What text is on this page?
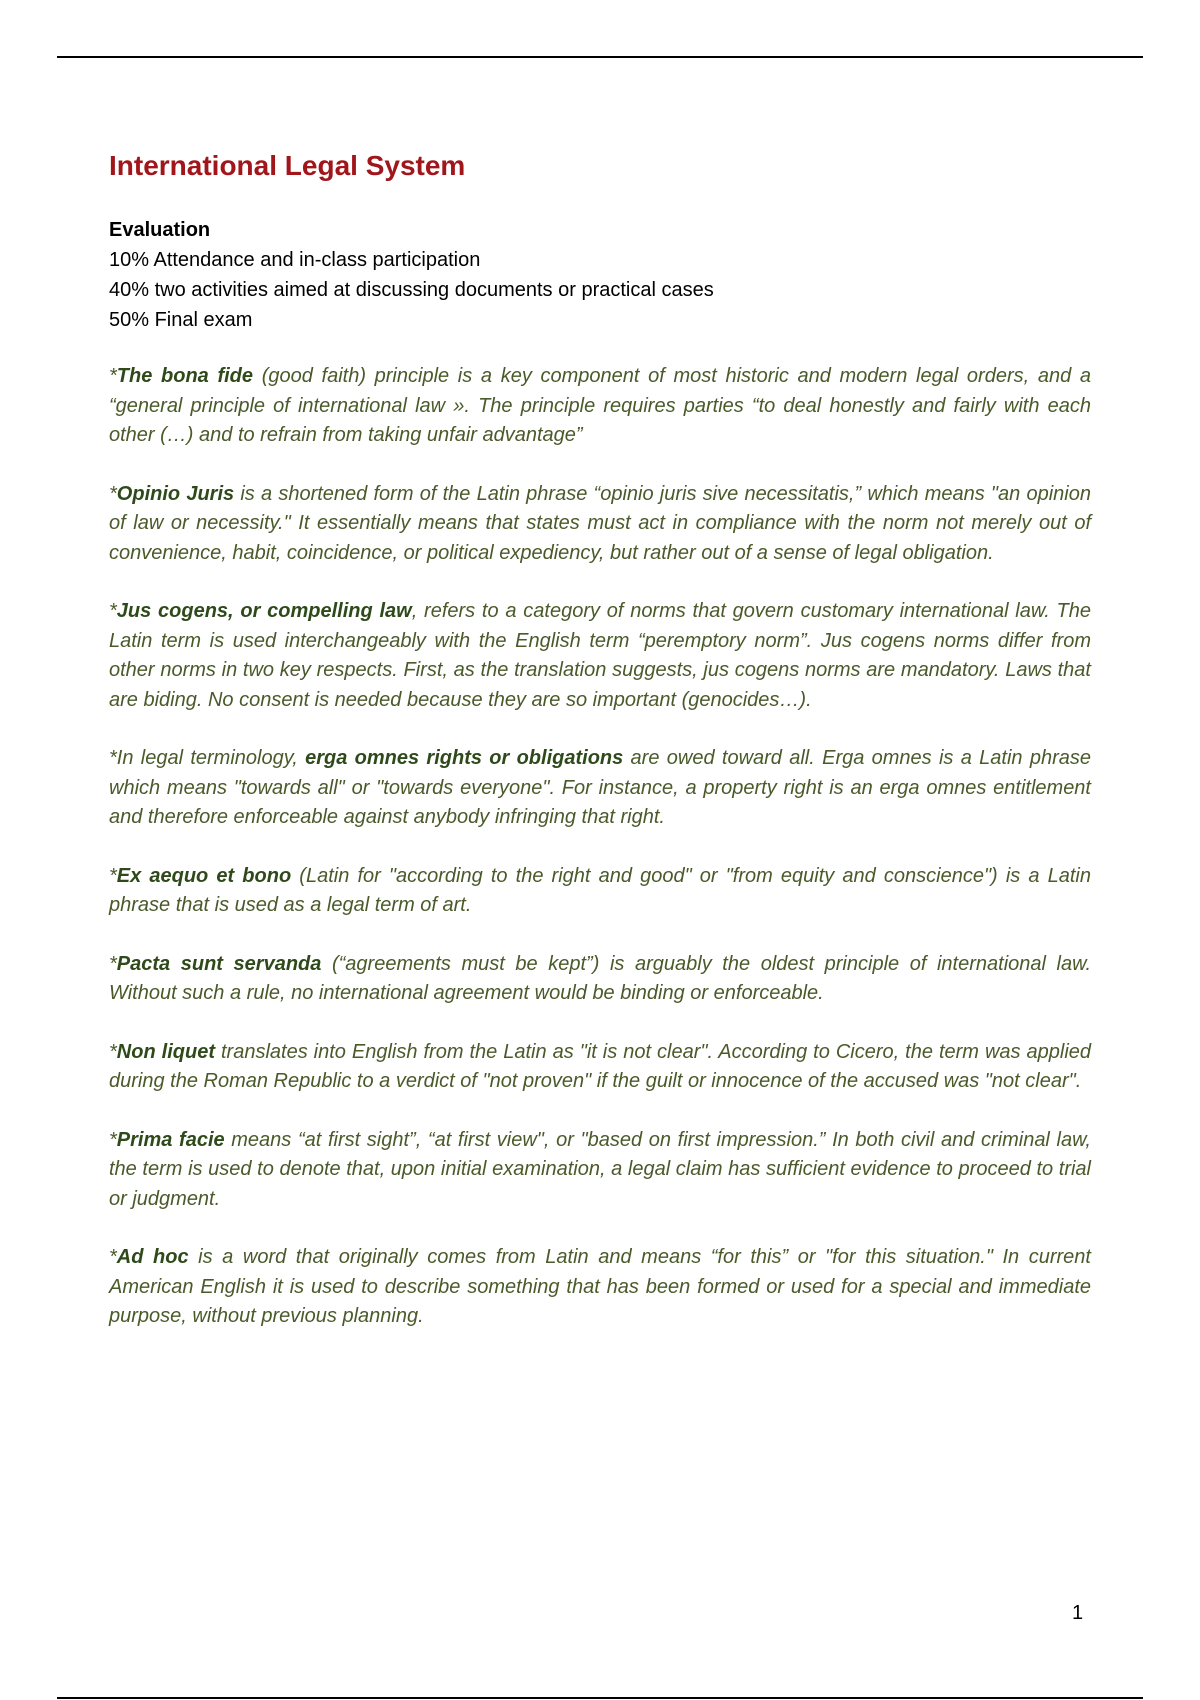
International Legal System

Evaluation

10% Attendance and in-class participation

40% two activities aimed at discussing documents or practical cases

50% Final exam

*The bona fide (good faith) principle is a key component of most historic and modern legal orders, and a “general principle of international law ». The principle requires parties “to deal honestly and fairly with each other (…) and to refrain from taking unfair advantage”

*Opinio Juris is a shortened form of the Latin phrase “opinio juris sive necessitatis,” which means "an opinion of law or necessity." It essentially means that states must act in compliance with the norm not merely out of convenience, habit, coincidence, or political expediency, but rather out of a sense of legal obligation.

*Jus cogens, or compelling law, refers to a category of norms that govern customary international law. The Latin term is used interchangeably with the English term “peremptory norm”. Jus cogens norms differ from other norms in two key respects. First, as the translation suggests, jus cogens norms are mandatory. Laws that are biding. No consent is needed because they are so important (genocides…).

*In legal terminology, erga omnes rights or obligations are owed toward all. Erga omnes is a Latin phrase which means "towards all" or "towards everyone". For instance, a property right is an erga omnes entitlement and therefore enforceable against anybody infringing that right.

*Ex aequo et bono (Latin for "according to the right and good" or "from equity and conscience") is a Latin phrase that is used as a legal term of art.

*Pacta sunt servanda (“agreements must be kept”) is arguably the oldest principle of international law. Without such a rule, no international agreement would be binding or enforceable.

*Non liquet translates into English from the Latin as "it is not clear". According to Cicero, the term was applied during the Roman Republic to a verdict of "not proven" if the guilt or innocence of the accused was "not clear".

*Prima facie means “at first sight”, “at first view", or "based on first impression.” In both civil and criminal law, the term is used to denote that, upon initial examination, a legal claim has sufficient evidence to proceed to trial or judgment.

*Ad hoc is a word that originally comes from Latin and means “for this” or "for this situation." In current American English it is used to describe something that has been formed or used for a special and immediate purpose, without previous planning.

1
